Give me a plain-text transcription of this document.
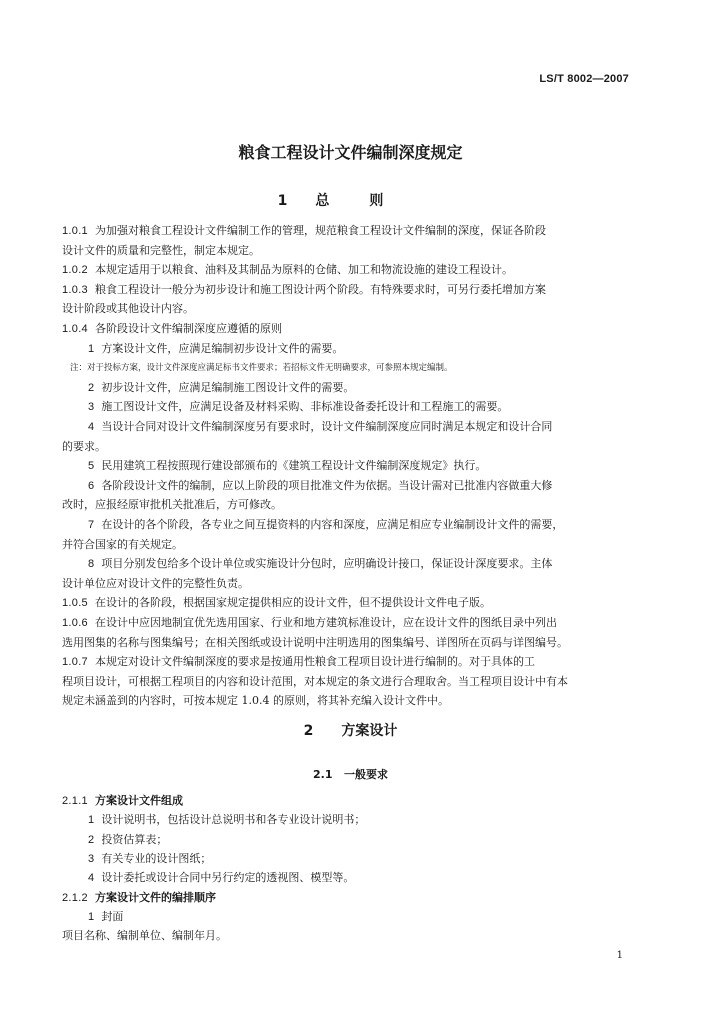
LS/T 8002—2007
粮食工程设计文件编制深度规定
1 总则
1.0.1 为加强对粮食工程设计文件编制工作的管理，规范粮食工程设计文件编制的深度，保证各阶段
设计文件的质量和完整性，制定本规定。
1.0.2 本规定适用于以粮食、油料及其制品为原料的仓储、加工和物流设施的建设工程设计。
1.0.3 粮食工程设计一般分为初步设计和施工图设计两个阶段。有特殊要求时，可另行委托增加方案
设计阶段或其他设计内容。
1.0.4 各阶段设计文件编制深度应遵循的原则
1 方案设计文件，应满足编制初步设计文件的需要。
注：对于投标方案，设计文件深度应满足标书文件要求；若招标文件无明确要求，可参照本规定编制。
2 初步设计文件，应满足编制施工图设计文件的需要。
3 施工图设计文件，应满足设备及材料采购、非标准设备委托设计和工程施工的需要。
4 当设计合同对设计文件编制深度另有要求时，设计文件编制深度应同时满足本规定和设计合同
的要求。
5 民用建筑工程按照现行建设部颁布的《建筑工程设计文件编制深度规定》执行。
6 各阶段设计文件的编制，应以上阶段的项目批准文件为依据。当设计需对已批准内容做重大修
改时，应报经原审批机关批准后，方可修改。
7 在设计的各个阶段，各专业之间互提资料的内容和深度，应满足相应专业编制设计文件的需要，
并符合国家的有关规定。
8 项目分别发包给多个设计单位或实施设计分包时，应明确设计接口，保证设计深度要求。主体
设计单位应对设计文件的完整性负责。
1.0.5 在设计的各阶段，根据国家规定提供相应的设计文件，但不提供设计文件电子版。
1.0.6 在设计中应因地制宜优先选用国家、行业和地方建筑标准设计，应在设计文件的图纸目录中列出
选用图集的名称与图集编号；在相关图纸或设计说明中注明选用的图集编号、详图所在页码与详图编号。
1.0.7 本规定对设计文件编制深度的要求是按通用性粮食工程项目设计进行编制的。对于具体的工
程项目设计，可根据工程项目的内容和设计范围，对本规定的条文进行合理取舍。当工程项目设计中有本
规定未涵盖到的内容时，可按本规定 1.0.4 的原则，将其补充编入设计文件中。
2 方案设计
2.1 一般要求
2.1.1 方案设计文件组成
1 设计说明书，包括设计总说明书和各专业设计说明书；
2 投资估算表；
3 有关专业的设计图纸；
4 设计委托或设计合同中另行约定的透视图、模型等。
2.1.2 方案设计文件的编排顺序
1 封面
项目名称、编制单位、编制年月。
1
